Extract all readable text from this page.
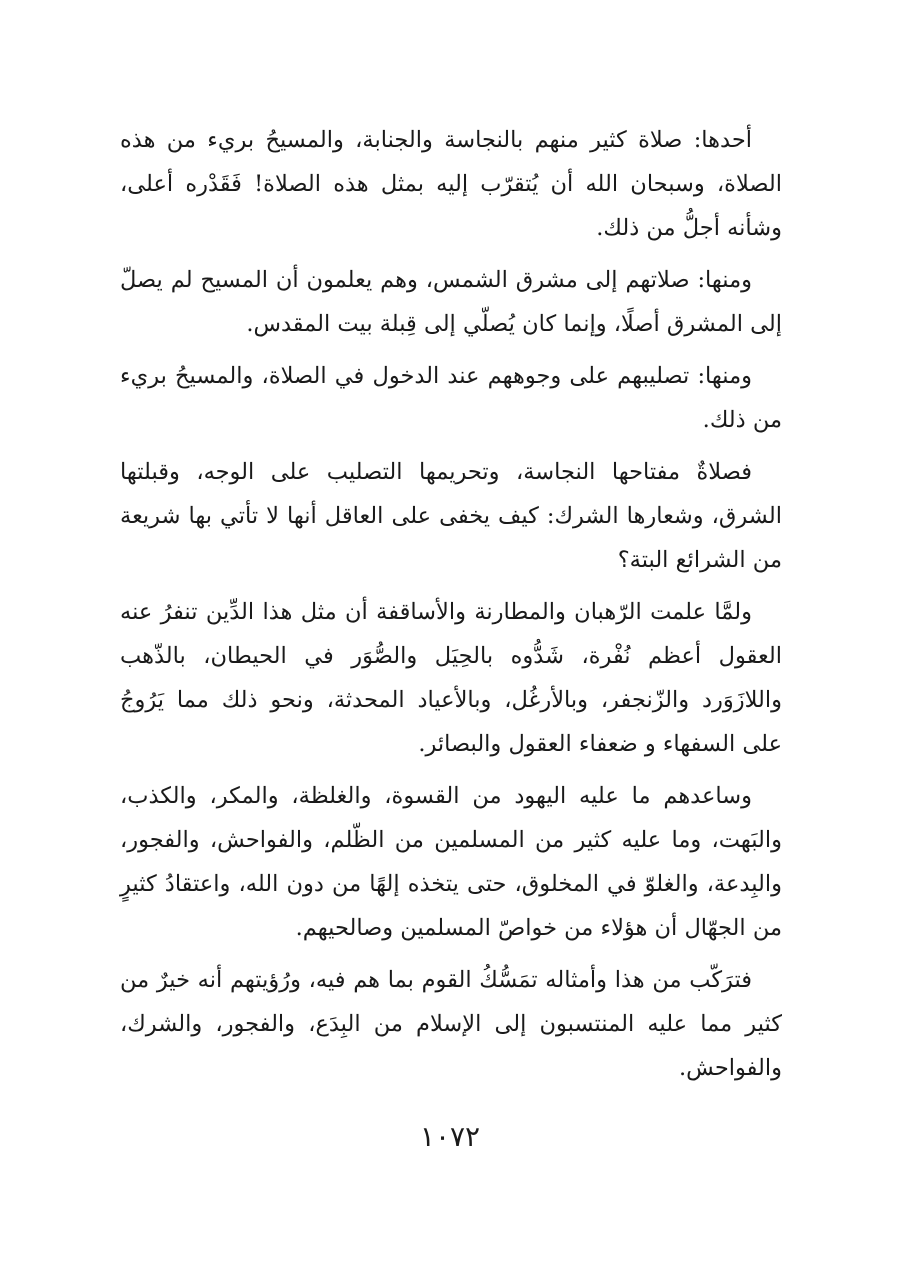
أحدها: صلاة كثير منهم بالنجاسة والجنابة، والمسيحُ بريء من هذه الصلاة، وسبحان الله أن يُتقرّب إليه بمثل هذه الصلاة! فَقَدْره أعلى، وشأنه أجلُّ من ذلك.

ومنها: صلاتهم إلى مشرق الشمس، وهم يعلمون أن المسيح لم يصلّ إلى المشرق أصلًا، وإنما كان يُصلّي إلى قِبلة بيت المقدس.

ومنها: تصليبهم على وجوههم عند الدخول في الصلاة، والمسيحُ بريء من ذلك.

فصلاةٌ مفتاحها النجاسة، وتحريمها التصليب على الوجه، وقبلتها الشرق، وشعارها الشرك: كيف يخفى على العاقل أنها لا تأتي بها شريعة من الشرائع البتة؟

ولمَّا علمت الرّهبان والمطارنة والأساقفة أن مثل هذا الدِّين تنفرُ عنه العقول أعظم نُفْرة، شَدُّوه بالحِيَل والصُّوَر في الحيطان، بالذّهب واللازَوَرد والزّنجفر، وبالأرغُل، وبالأعياد المحدثة، ونحو ذلك مما يَرُوجُ على السفهاء و ضعفاء العقول والبصائر.

وساعدهم ما عليه اليهود من القسوة، والغلظة، والمكر، والكذب، والبَهت، وما عليه كثير من المسلمين من الظّلم، والفواحش، والفجور، والبِدعة، والغلوّ في المخلوق، حتى يتخذه إلهًا من دون الله، واعتقادُ كثيرٍ من الجهّال أن هؤلاء من خواصّ المسلمين وصالحيهم.

فترَكّب من هذا وأمثاله تمَسُّكُ القوم بما هم فيه، ورُؤيتهم أنه خيرٌ من كثير مما عليه المنتسبون إلى الإسلام من البِدَع، والفجور، والشرك، والفواحش.

١٠٧٢
